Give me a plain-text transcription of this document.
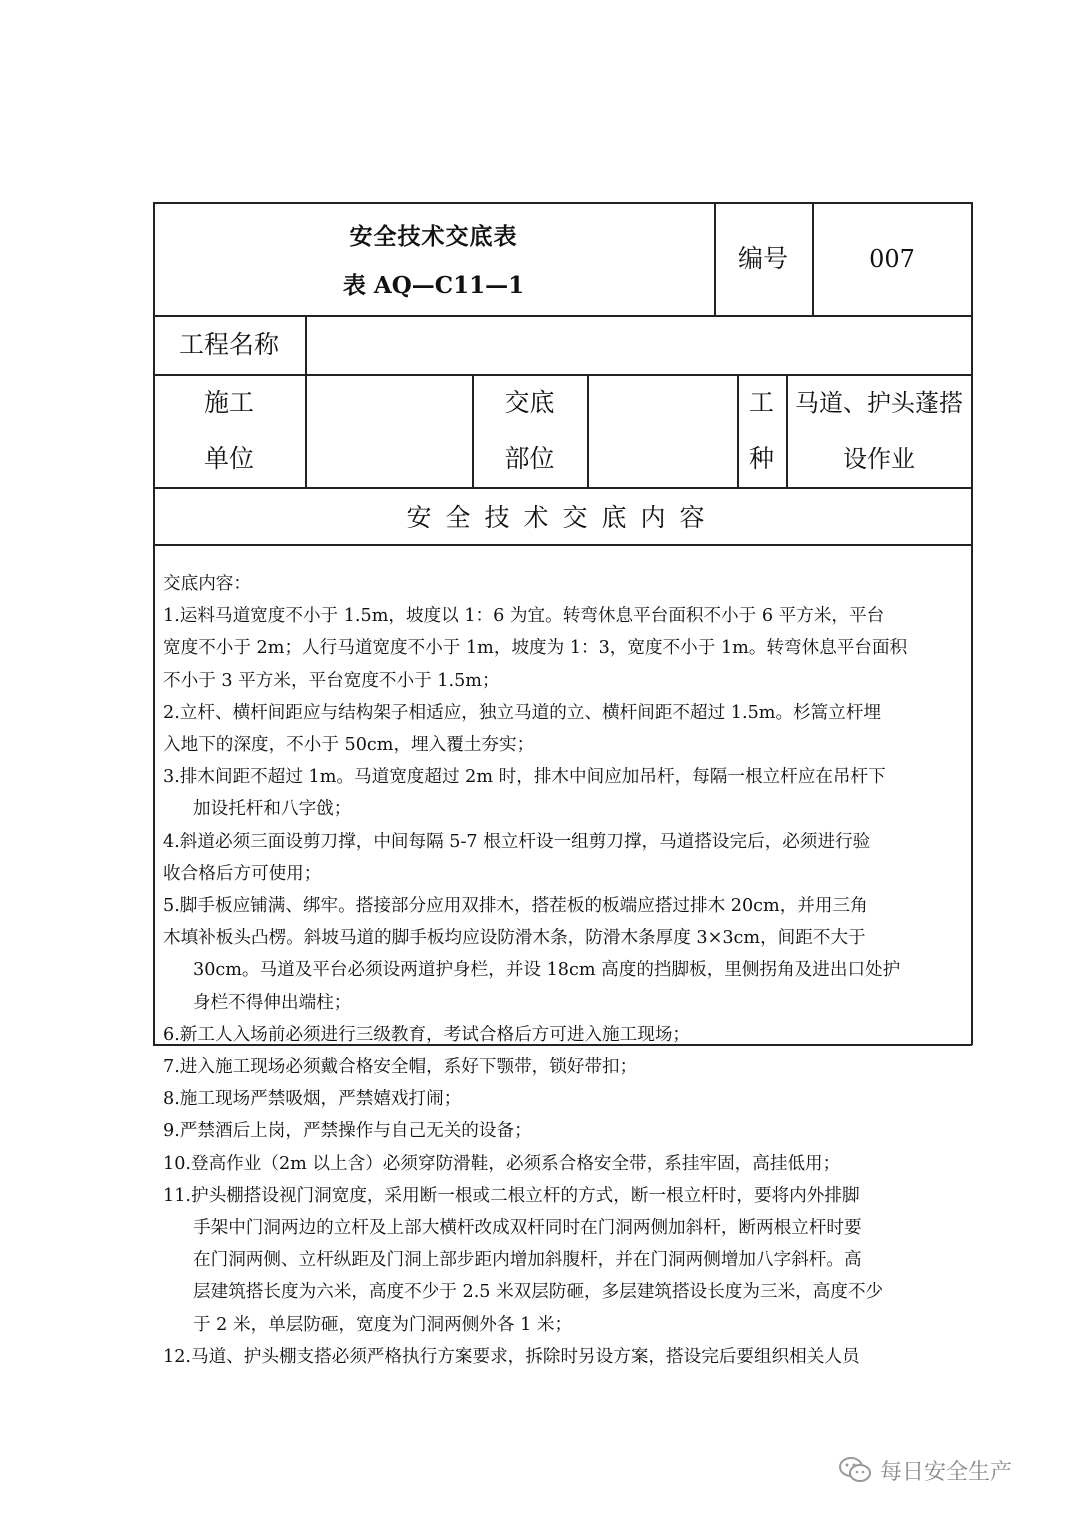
安全技术交底表
表 AQ—C11—1
编号	007
工程名称
施工
单位
交底
部位
工
种
马道、护头蓬搭
设作业
安全技术交底内容

交底内容：

1.运料马道宽度不小于 1.5m，坡度以 1：6 为宜。转弯休息平台面积不小于 6 平方米，平台

宽度不小于 2m；人行马道宽度不小于 1m，坡度为 1：3，宽度不小于 1m。转弯休息平台面积

不小于 3 平方米，平台宽度不小于 1.5m；

2.立杆、横杆间距应与结构架子相适应，独立马道的立、横杆间距不超过 1.5m。杉篙立杆埋

入地下的深度，不小于 50cm，埋入覆土夯实；

3.排木间距不超过 1m。马道宽度超过 2m 时，排木中间应加吊杆，每隔一根立杆应在吊杆下

加设托杆和八字戗；

4.斜道必须三面设剪刀撑，中间每隔 5-7 根立杆设一组剪刀撑，马道搭设完后，必须进行验

收合格后方可使用；

5.脚手板应铺满、绑牢。搭接部分应用双排木，搭茬板的板端应搭过排木 20cm，并用三角

木填补板头凸楞。斜坡马道的脚手板均应设防滑木条，防滑木条厚度 3×3cm，间距不大于

30cm。马道及平台必须设两道护身栏，并设 18cm 高度的挡脚板，里侧拐角及进出口处护

身栏不得伸出端柱；

6.新工人入场前必须进行三级教育，考试合格后方可进入施工现场；

7.进入施工现场必须戴合格安全帽，系好下颚带，锁好带扣；

8.施工现场严禁吸烟，严禁嬉戏打闹；

9.严禁酒后上岗，严禁操作与自己无关的设备；

10.登高作业（2m 以上含）必须穿防滑鞋，必须系合格安全带，系挂牢固，高挂低用；

11.护头棚搭设视门洞宽度，采用断一根或二根立杆的方式，断一根立杆时，要将内外排脚

手架中门洞两边的立杆及上部大横杆改成双杆同时在门洞两侧加斜杆，断两根立杆时要

在门洞两侧、立杆纵距及门洞上部步距内增加斜腹杆，并在门洞两侧增加八字斜杆。高

层建筑搭长度为六米，高度不少于 2.5 米双层防砸，多层建筑搭设长度为三米，高度不少

于 2 米，单层防砸，宽度为门洞两侧外各 1 米；

12.马道、护头棚支搭必须严格执行方案要求，拆除时另设方案，搭设完后要组织相关人员

每日安全生产
